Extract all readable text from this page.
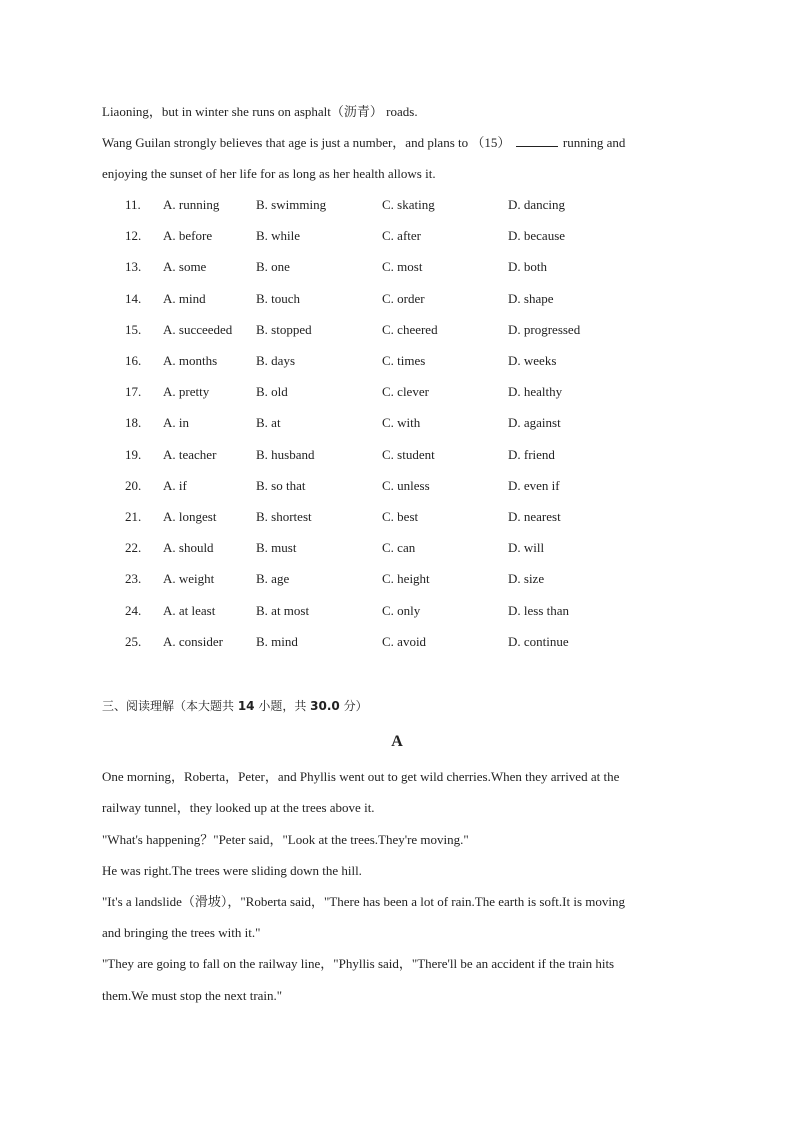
Liaoning，but in winter she runs on asphalt（沥青） roads.
Wang Guilan strongly believes that age is just a number，and plans to （15）	running and
enjoying the sunset of her life for as long as her health allows it.
11. A. running	B. swimming	C. skating	D. dancing
12. A. before	B. while	C. after	D. because
13. A. some	B. one	C. most	D. both
14. A. mind	B. touch	C. order	D. shape
15. A. succeeded B. stopped	C. cheered	D. progressed
16. A. months	B. days	C. times	D. weeks
17. A. pretty	B. old	C. clever	D. healthy
18. A. in	B. at	C. with	D. against
19. A. teacher	B. husband	C. student	D. friend
20. A. if	B. so that	C. unless	D. even if
21. A. longest	B. shortest	C. best	D. nearest
22. A. should	B. must	C. can	D. will
23. A. weight	B. age	C. height	D. size
24. A. at least	B. at most	C. only	D. less than
25. A. consider	B. mind	C. avoid	D. continue
三、阅读理解（本大题共 14 小题，共 30.0 分）
A
One morning，Roberta，Peter，and Phyllis went out to get wild cherries.When they arrived at the
railway tunnel，they looked up at the trees above it.
"What's happening？"Peter said，"Look at the trees.They're moving."
He was right.The trees were sliding down the hill.
"It's a landslide（滑坡），"Roberta said，"There has been a lot of rain.The earth is soft.It is moving
and bringing the trees with it."
"They are going to fall on the railway line，"Phyllis said，"There'll be an accident if the train hits
them.We must stop the next train."
